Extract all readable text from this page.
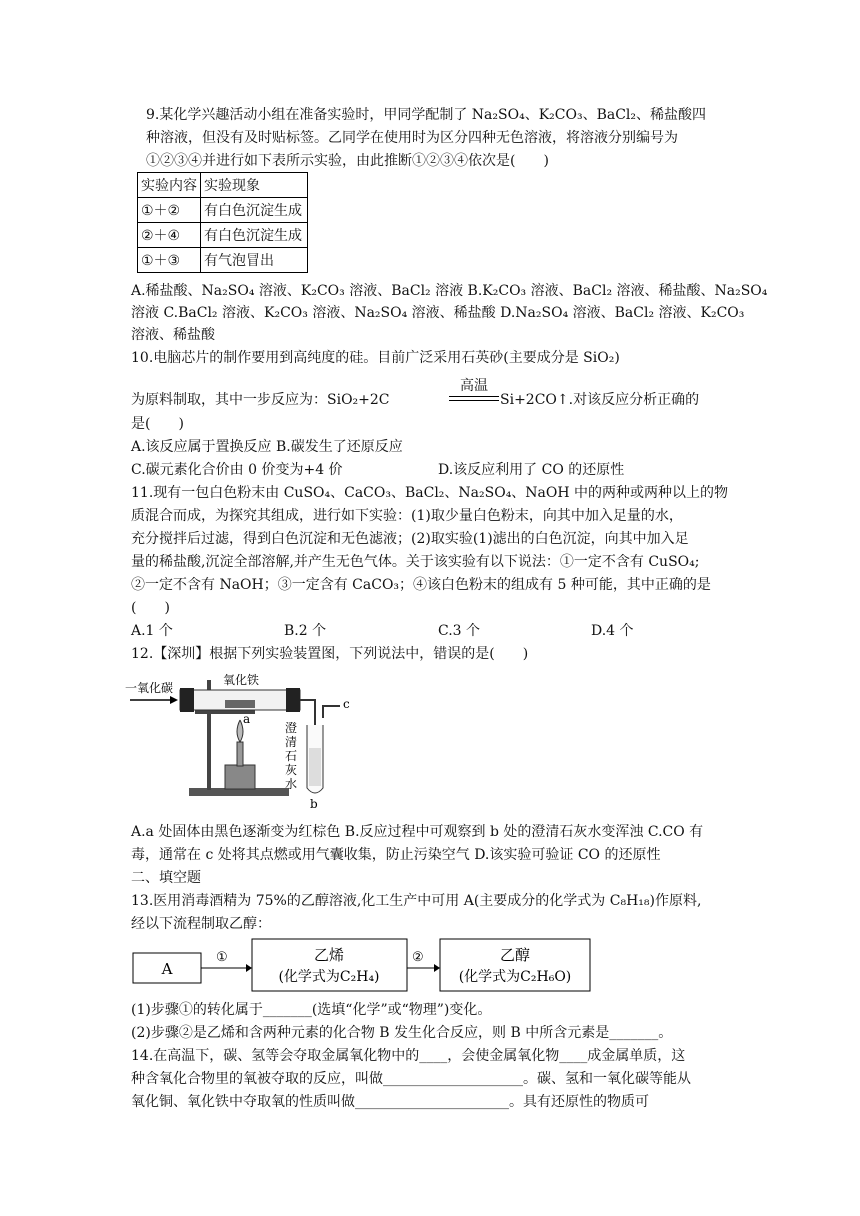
9.某化学兴趣活动小组在准备实验时，甲同学配制了 Na₂SO₄、K₂CO₃、BaCl₂、稀盐酸四
种溶液，但没有及时贴标签。乙同学在使用时为区分四种无色溶液，将溶液分别编号为
①②③④并进行如下表所示实验，由此推断①②③④依次是(　　)
实验内容	实验现象
①＋②	有白色沉淀生成
②＋④	有白色沉淀生成
①＋③	有气泡冒出
A.稀盐酸、Na₂SO₄ 溶液、K₂CO₃ 溶液、BaCl₂ 溶液 B.K₂CO₃ 溶液、BaCl₂ 溶液、稀盐酸、Na₂SO₄
溶液 C.BaCl₂ 溶液、K₂CO₃ 溶液、Na₂SO₄ 溶液、稀盐酸 D.Na₂SO₄ 溶液、BaCl₂ 溶液、K₂CO₃
溶液、稀盐酸
10.电脑芯片的制作要用到高纯度的硅。目前广泛采用石英砂(主要成分是 SiO₂)
为原料制取，其中一步反应为：SiO₂+2C
高温
Si+2CO↑.对该反应分析正确的
是(　　)
A.该反应属于置换反应 B.碳发生了还原反应
C.碳元素化合价由 0 价变为+4 价	D.该反应利用了 CO 的还原性
11.现有一包白色粉末由 CuSO₄、CaCO₃、BaCl₂、Na₂SO₄、NaOH 中的两种或两种以上的物
质混合而成，为探究其组成，进行如下实验：(1)取少量白色粉末，向其中加入足量的水，
充分搅拌后过滤，得到白色沉淀和无色滤液；(2)取实验(1)滤出的白色沉淀，向其中加入足
量的稀盐酸,沉淀全部溶解,并产生无色气体。关于该实验有以下说法：①一定不含有 CuSO₄;
②一定不含有 NaOH；③一定含有 CaCO₃；④该白色粉末的组成有 5 种可能，其中正确的是
(　　)
A.1 个	B.2 个	C.3 个	D.4 个
12.【深圳】根据下列实验装置图，下列说法中，错误的是(　　)
一氧化碳
氧化铁
a
c
b
澄
清
石
灰
水
A.a 处固体由黑色逐渐变为红棕色 B.反应过程中可观察到 b 处的澄清石灰水变浑浊 C.CO 有
毒，通常在 c 处将其点燃或用气囊收集，防止污染空气 D.该实验可验证 CO 的还原性
二、填空题
13.医用消毒酒精为 75%的乙醇溶液,化工生产中可用 A(主要成分的化学式为 C₈H₁₈)作原料,
经以下流程制取乙醇：
A
①	乙烯
(化学式为C₂H₄)
②	乙醇
(化学式为C₂H₆O)
(1)步骤①的转化属于_______(选填“化学”或“物理”)变化。
(2)步骤②是乙烯和含两种元素的化合物 B 发生化合反应，则 B 中所含元素是_______。
14.在高温下，碳、氢等会夺取金属氧化物中的____，会使金属氧化物____成金属单质，这
种含氧化合物里的氧被夺取的反应，叫做____________________。碳、氢和一氧化碳等能从
氧化铜、氧化铁中夺取氧的性质叫做______________________。具有还原性的物质可
